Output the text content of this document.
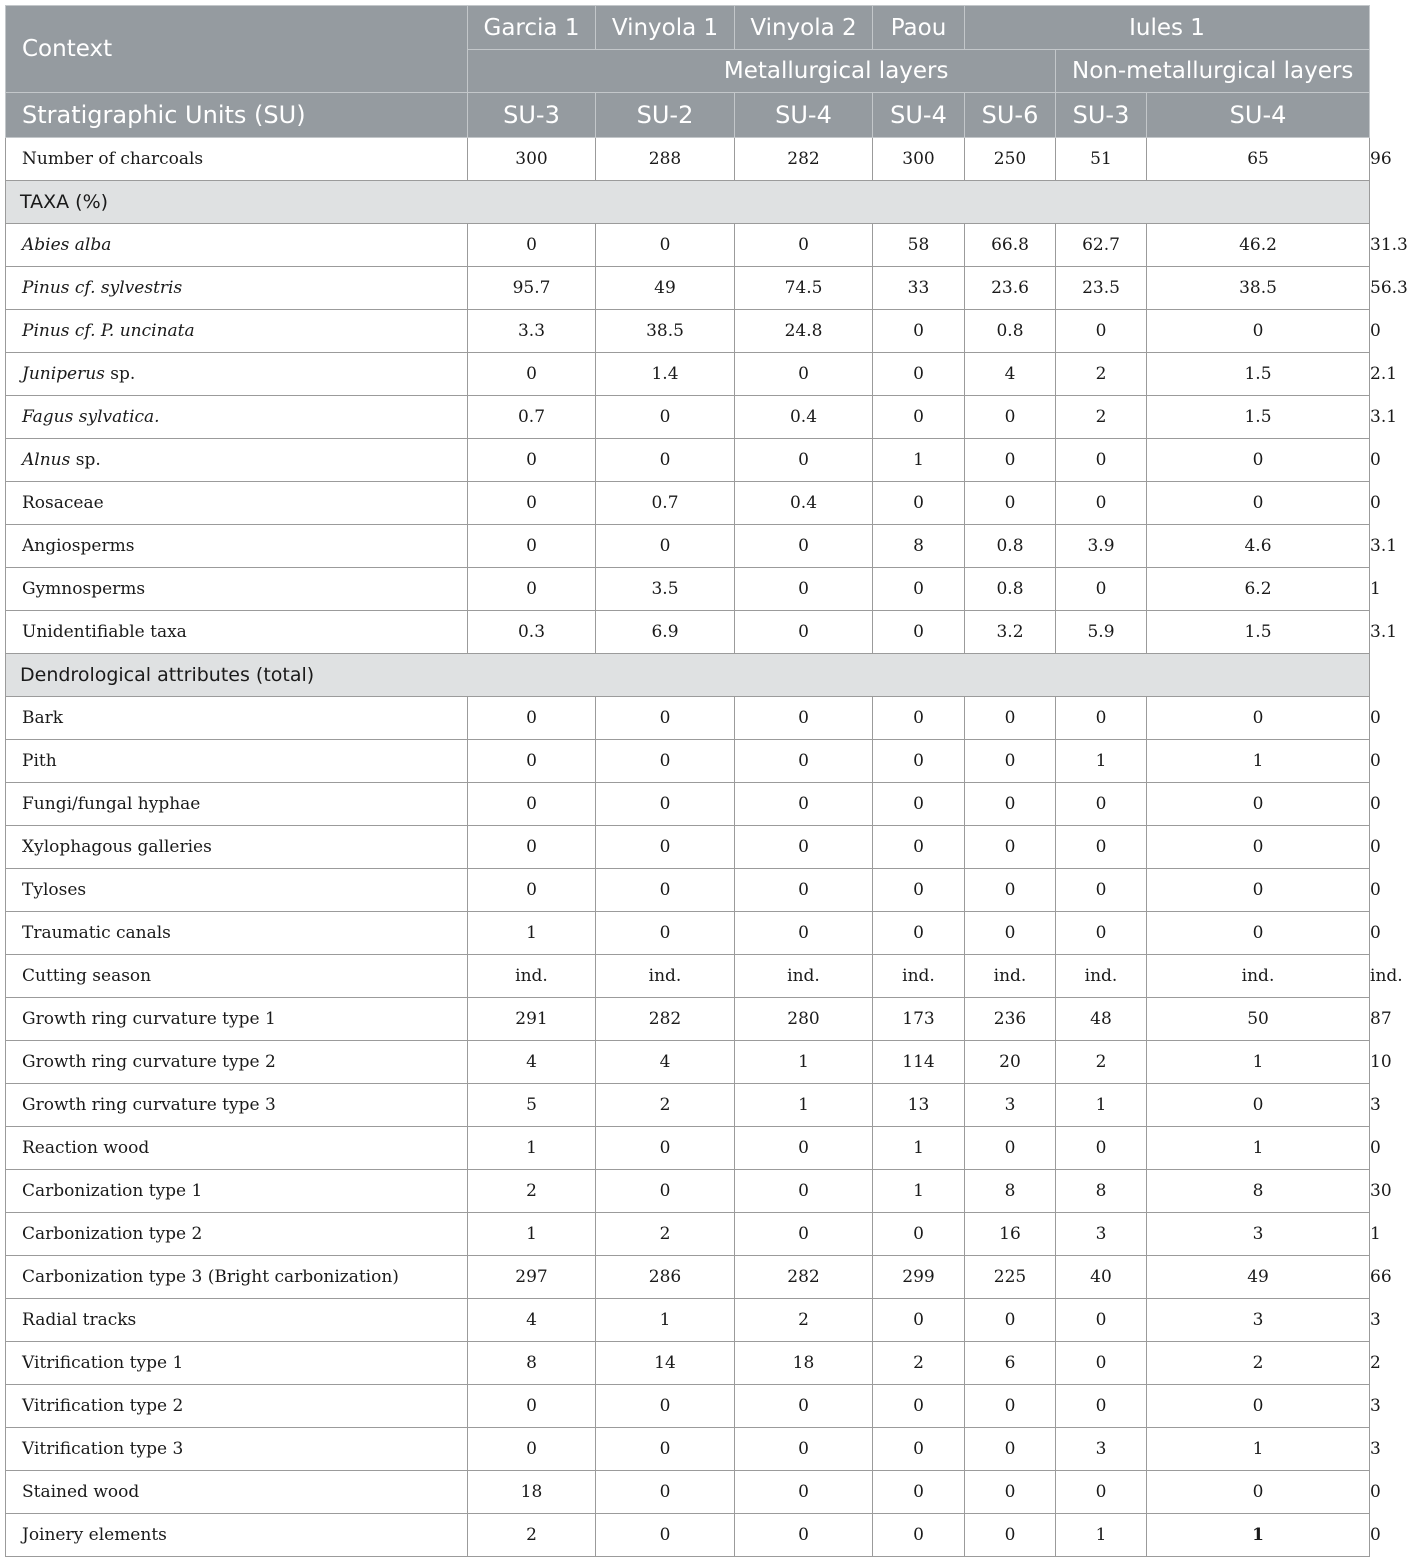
Context	Garcia 1	Vinyola 1	Vinyola 2	Paou	Iules 1			
	Metallurgical layers					Non-metallurgical layers		
Stratigraphic Units (SU)	SU-3	SU-2	SU-4	SU-4	SU-6	SU-3	SU-4	SU-5
Number of charcoals	300	288	282	300	250	51	65	96
TAXA (%)								
Abies alba	0	0	0	58	66.8	62.7	46.2	31.3
Pinus cf. sylvestris	95.7	49	74.5	33	23.6	23.5	38.5	56.3
Pinus cf. P. uncinata	3.3	38.5	24.8	0	0.8	0	0	0
Juniperus sp.	0	1.4	0	0	4	2	1.5	2.1
Fagus sylvatica.	0.7	0	0.4	0	0	2	1.5	3.1
Alnus sp.	0	0	0	1	0	0	0	0
Rosaceae	0	0.7	0.4	0	0	0	0	0
Angiosperms	0	0	0	8	0.8	3.9	4.6	3.1
Gymnosperms	0	3.5	0	0	0.8	0	6.2	1
Unidentifiable taxa	0.3	6.9	0	0	3.2	5.9	1.5	3.1
Dendrological attributes (total)								
Bark	0	0	0	0	0	0	0	0
Pith	0	0	0	0	0	1	1	0
Fungi/fungal hyphae	0	0	0	0	0	0	0	0
Xylophagous galleries	0	0	0	0	0	0	0	0
Tyloses	0	0	0	0	0	0	0	0
Traumatic canals	1	0	0	0	0	0	0	0
Cutting season	ind.	ind.	ind.	ind.	ind.	ind.	ind.	ind.
Growth ring curvature type 1	291	282	280	173	236	48	50	87
Growth ring curvature type 2	4	4	1	114	20	2	1	10
Growth ring curvature type 3	5	2	1	13	3	1	0	3
Reaction wood	1	0	0	1	0	0	1	0
Carbonization type 1	2	0	0	1	8	8	8	30
Carbonization type 2	1	2	0	0	16	3	3	1
Carbonization type 3 (Bright carbonization)	297	286	282	299	225	40	49	66
Radial tracks	4	1	2	0	0	0	3	3
Vitrification type 1	8	14	18	2	6	0	2	2
Vitrification type 2	0	0	0	0	0	0	0	3
Vitrification type 3	0	0	0	0	0	3	1	3
Stained wood	18	0	0	0	0	0	0	0
Joinery elements	2	0	0	0	0	1	1	0
